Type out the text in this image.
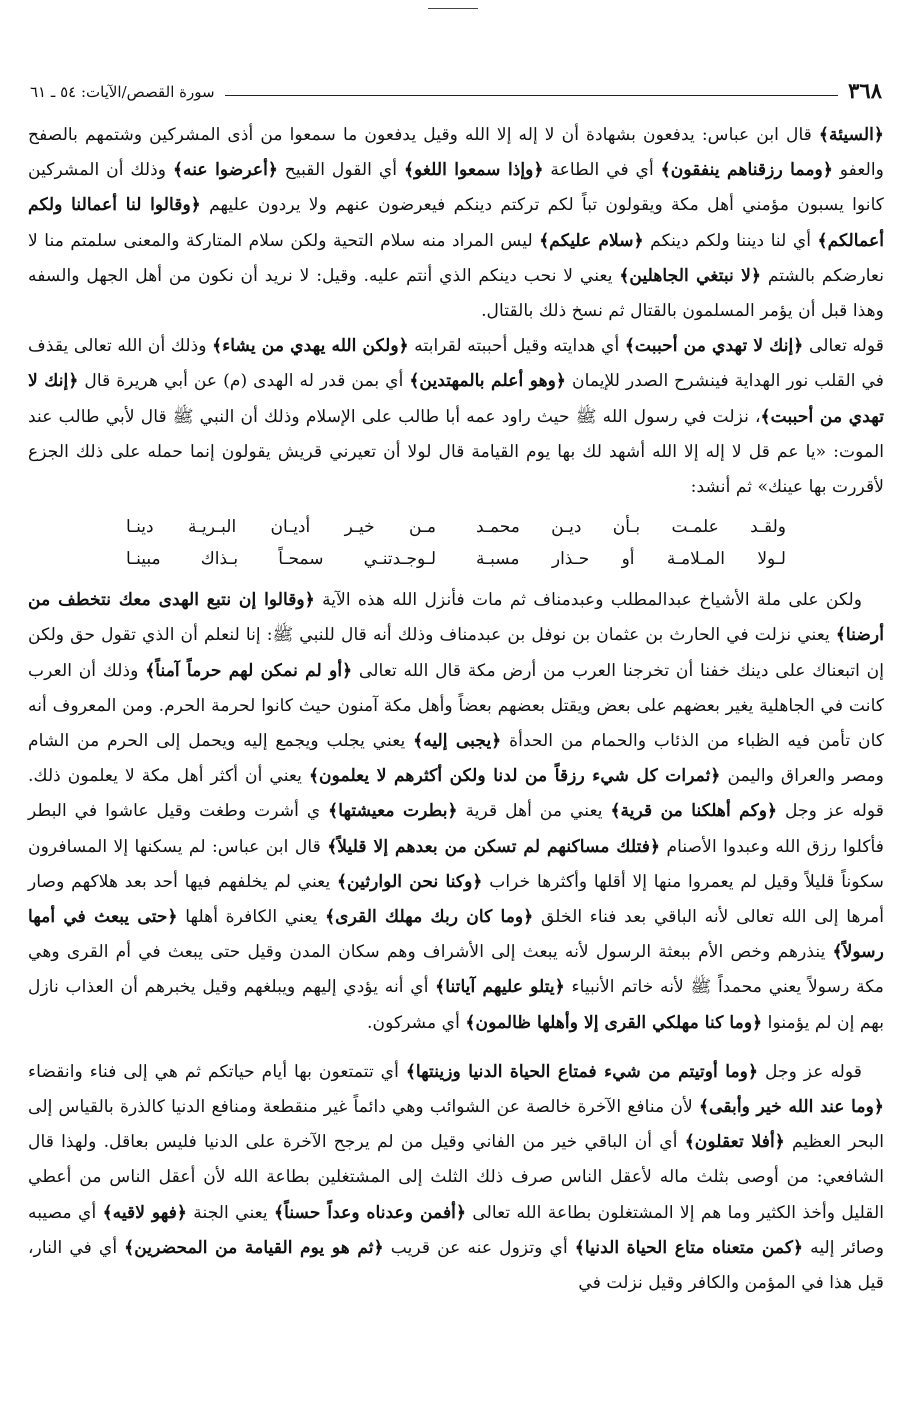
٣٦٨
سورة القصص/الآيات: ٥٤ ـ ٦١

﴿السيئة﴾ قال ابن عباس: يدفعون بشهادة أن لا إله إلا الله وقيل يدفعون ما سمعوا من أذى المشركين وشتمهم بالصفح والعفو ﴿ومما رزقناهم ينفقون﴾ أي في الطاعة ﴿وإذا سمعوا اللغو﴾ أي القول القبيح ﴿أعرضوا عنه﴾ وذلك أن المشركين كانوا يسبون مؤمني أهل مكة ويقولون تباً لكم تركتم دينكم فيعرضون عنهم ولا يردون عليهم ﴿وقالوا لنا أعمالنا ولكم أعمالكم﴾ أي لنا ديننا ولكم دينكم ﴿سلام عليكم﴾ ليس المراد منه سلام التحية ولكن سلام المتاركة والمعنى سلمتم منا لا نعارضكم بالشتم ﴿لا نبتغي الجاهلين﴾ يعني لا نحب دينكم الذي أنتم عليه. وقيل: لا نريد أن نكون من أهل الجهل والسفه وهذا قبل أن يؤمر المسلمون بالقتال ثم نسخ ذلك بالقتال.

قوله تعالى ﴿إنك لا تهدي من أحببت﴾ أي هدايته وقيل أحببته لقرابته ﴿ولكن الله يهدي من يشاء﴾ وذلك أن الله تعالى يقذف في القلب نور الهداية فينشرح الصدر للإيمان ﴿وهو أعلم بالمهتدين﴾ أي بمن قدر له الهدى (م) عن أبي هريرة قال ﴿إنك لا تهدي من أحببت﴾، نزلت في رسول الله ﷺ حيث راود عمه أبا طالب على الإسلام وذلك أن النبي ﷺ قال لأبي طالب عند الموت: «يا عم قل لا إله إلا الله أشهد لك بها يوم القيامة قال لولا أن تعيرني قريش يقولون إنما حمله على ذلك الجزع لأقررت بها عينك» ثم أنشد:

ولقـد علمـت بـأن ديـن محمـد
مـن خيـر أديـان البـريـة دينـا
لـولا المـلامـة أو حـذار مسبـة
لـوجـدتنـي سمحـاً بـذاك مبينـا

ولكن على ملة الأشياخ عبدالمطلب وعبدمناف ثم مات فأنزل الله هذه الآية ﴿وقالوا إن نتبع الهدى معك نتخطف من أرضنا﴾ يعني نزلت في الحارث بن عثمان بن نوفل بن عبدمناف وذلك أنه قال للنبي ﷺ: إنا لنعلم أن الذي تقول حق ولكن إن اتبعناك على دينك خفنا أن تخرجنا العرب من أرض مكة قال الله تعالى ﴿أو لم نمكن لهم حرماً آمناً﴾ وذلك أن العرب كانت في الجاهلية يغير بعضهم على بعض ويقتل بعضهم بعضاً وأهل مكة آمنون حيث كانوا لحرمة الحرم. ومن المعروف أنه كان تأمن فيه الظباء من الذئاب والحمام من الحدأة ﴿يجبى إليه﴾ يعني يجلب ويجمع إليه ويحمل إلى الحرم من الشام ومصر والعراق واليمن ﴿ثمرات كل شيء رزقاً من لدنا ولكن أكثرهم لا يعلمون﴾ يعني أن أكثر أهل مكة لا يعلمون ذلك. قوله عز وجل ﴿وكم أهلكنا من قرية﴾ يعني من أهل قرية ﴿بطرت معيشتها﴾ ي أشرت وطغت وقيل عاشوا في البطر فأكلوا رزق الله وعبدوا الأصنام ﴿فتلك مساكنهم لم تسكن من بعدهم إلا قليلاً﴾ قال ابن عباس: لم يسكنها إلا المسافرون سكوناً قليلاً وقيل لم يعمروا منها إلا أقلها وأكثرها خراب ﴿وكنا نحن الوارثين﴾ يعني لم يخلفهم فيها أحد بعد هلاكهم وصار أمرها إلى الله تعالى لأنه الباقي بعد فناء الخلق ﴿وما كان ربك مهلك القرى﴾ يعني الكافرة أهلها ﴿حتى يبعث في أمها رسولاً﴾ ينذرهم وخص الأم ببعثة الرسول لأنه يبعث إلى الأشراف وهم سكان المدن وقيل حتى يبعث في أم القرى وهي مكة رسولاً يعني محمداً ﷺ لأنه خاتم الأنبياء ﴿يتلو عليهم آياتنا﴾ أي أنه يؤدي إليهم ويبلغهم وقيل يخبرهم أن العذاب نازل بهم إن لم يؤمنوا ﴿وما كنا مهلكي القرى إلا وأهلها ظالمون﴾ أي مشركون.

قوله عز وجل ﴿وما أوتيتم من شيء فمتاع الحياة الدنيا وزينتها﴾ أي تتمتعون بها أيام حياتكم ثم هي إلى فناء وانقضاء ﴿وما عند الله خير وأبقى﴾ لأن منافع الآخرة خالصة عن الشوائب وهي دائماً غير منقطعة ومنافع الدنيا كالذرة بالقياس إلى البحر العظيم ﴿أفلا تعقلون﴾ أي أن الباقي خير من الفاني وقيل من لم يرجح الآخرة على الدنيا فليس بعاقل. ولهذا قال الشافعي: من أوصى بثلث ماله لأعقل الناس صرف ذلك الثلث إلى المشتغلين بطاعة الله لأن أعقل الناس من أعطي القليل وأخذ الكثير وما هم إلا المشتغلون بطاعة الله تعالى ﴿أفمن وعدناه وعداً حسناً﴾ يعني الجنة ﴿فهو لاقيه﴾ أي مصيبه وصائر إليه ﴿كمن متعناه متاع الحياة الدنيا﴾ أي وتزول عنه عن قريب ﴿ثم هو يوم القيامة من المحضرين﴾ أي في النار، قيل هذا في المؤمن والكافر وقيل نزلت في
